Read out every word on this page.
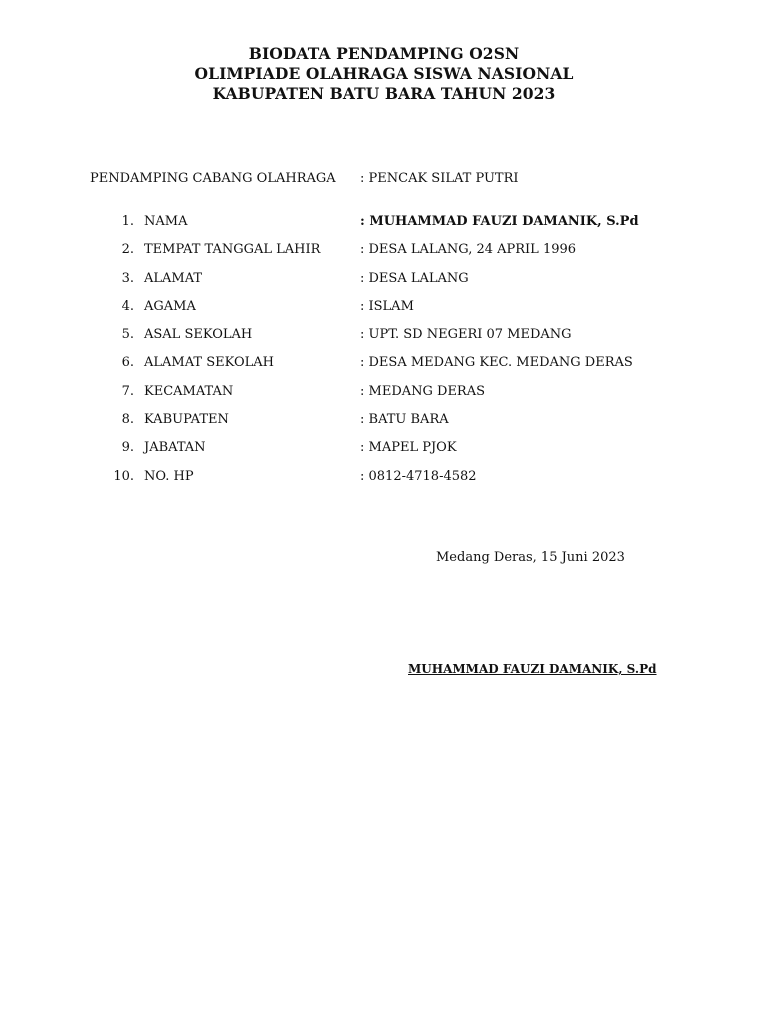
BIODATA PENDAMPING O2SN
OLIMPIADE OLAHRAGA SISWA NASIONAL
KABUPATEN BATU BARA TAHUN 2023
PENDAMPING CABANG OLAHRAGA : PENCAK SILAT PUTRI
1. NAMA	: MUHAMMAD FAUZI DAMANIK, S.Pd
2. TEMPAT TANGGAL LAHIR	: DESA LALANG, 24 APRIL 1996
3. ALAMAT	: DESA LALANG
4. AGAMA	: ISLAM
5. ASAL SEKOLAH	: UPT. SD NEGERI 07 MEDANG
6. ALAMAT SEKOLAH	: DESA MEDANG KEC. MEDANG DERAS
7. KECAMATAN	: MEDANG DERAS
8. KABUPATEN	: BATU BARA
9. JABATAN	: MAPEL PJOK
10. NO. HP	: 0812-4718-4582
Medang Deras, 15 Juni 2023
MUHAMMAD FAUZI DAMANIK, S.Pd
